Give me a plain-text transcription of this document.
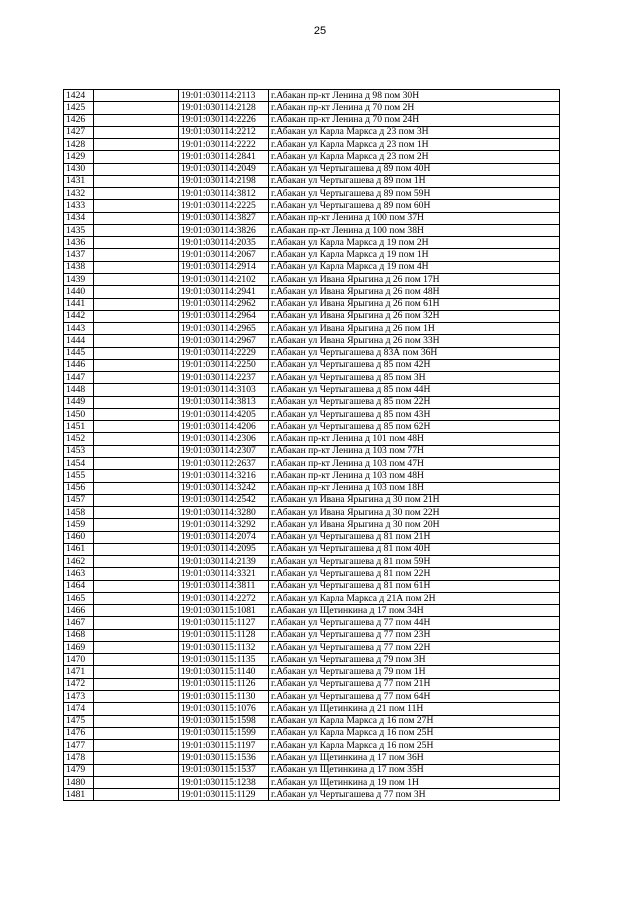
25
1424		19:01:030114:2113	г.Абакан пр-кт Ленина д 98 пом 30Н
1425		19:01:030114:2128	г.Абакан пр-кт Ленина д 70 пом 2Н
1426		19:01:030114:2226	г.Абакан пр-кт Ленина д 70 пом 24Н
1427		19:01:030114:2212	г.Абакан ул Карла Маркса д 23 пом 3Н
1428		19:01:030114:2222	г.Абакан ул Карла Маркса д 23 пом 1Н
1429		19:01:030114:2841	г.Абакан ул Карла Маркса д 23 пом 2Н
1430		19:01:030114:2049	г.Абакан ул Чертыгашева д 89 пом 40Н
1431		19:01:030114:2198	г.Абакан ул Чертыгашева д 89 пом 1Н
1432		19:01:030114:3812	г.Абакан ул Чертыгашева д 89 пом 59Н
1433		19:01:030114:2225	г.Абакан ул Чертыгашева д 89 пом 60Н
1434		19:01:030114:3827	г.Абакан пр-кт Ленина д 100 пом 37Н
1435		19:01:030114:3826	г.Абакан пр-кт Ленина д 100 пом 38Н
1436		19:01:030114:2035	г.Абакан ул Карла Маркса д 19 пом 2Н
1437		19:01:030114:2067	г.Абакан ул Карла Маркса д 19 пом 1Н
1438		19:01:030114:2914	г.Абакан ул Карла Маркса д 19 пом 4Н
1439		19:01:030114:2102	г.Абакан ул Ивана Ярыгина д 26 пом 17Н
1440		19:01:030114:2941	г.Абакан ул Ивана Ярыгина д 26 пом 48Н
1441		19:01:030114:2962	г.Абакан ул Ивана Ярыгина д 26 пом 61Н
1442		19:01:030114:2964	г.Абакан ул Ивана Ярыгина д 26 пом 32Н
1443		19:01:030114:2965	г.Абакан ул Ивана Ярыгина д 26 пом 1Н
1444		19:01:030114:2967	г.Абакан ул Ивана Ярыгина д 26 пом 33Н
1445		19:01:030114:2229	г.Абакан ул Чертыгашева д 83А пом 36Н
1446		19:01:030114:2250	г.Абакан ул Чертыгашева д 85 пом 42Н
1447		19:01:030114:2237	г.Абакан ул Чертыгашева д 85 пом 3Н
1448		19:01:030114:3103	г.Абакан ул Чертыгашева д 85 пом 44Н
1449		19:01:030114:3813	г.Абакан ул Чертыгашева д 85 пом 22Н
1450		19:01:030114:4205	г.Абакан ул Чертыгашева д 85 пом 43Н
1451		19:01:030114:4206	г.Абакан ул Чертыгашева д 85 пом 62Н
1452		19:01:030114:2306	г.Абакан пр-кт Ленина д 101 пом 48Н
1453		19:01:030114:2307	г.Абакан пр-кт Ленина д 103 пом 77Н
1454		19:01:030112:2637	г.Абакан пр-кт Ленина д 103 пом 47Н
1455		19:01:030114:3216	г.Абакан пр-кт Ленина д 103 пом 48Н
1456		19:01:030114:3242	г.Абакан пр-кт Ленина д 103 пом 18Н
1457		19:01:030114:2542	г.Абакан ул Ивана Ярыгина д 30 пом 21Н
1458		19:01:030114:3280	г.Абакан ул Ивана Ярыгина д 30 пом 22Н
1459		19:01:030114:3292	г.Абакан ул Ивана Ярыгина д 30 пом 20Н
1460		19:01:030114:2074	г.Абакан ул Чертыгашева д 81 пом 21Н
1461		19:01:030114:2095	г.Абакан ул Чертыгашева д 81 пом 40Н
1462		19:01:030114:2139	г.Абакан ул Чертыгашева д 81 пом 59Н
1463		19:01:030114:3321	г.Абакан ул Чертыгашева д 81 пом 22Н
1464		19:01:030114:3811	г.Абакан ул Чертыгашева д 81 пом 61Н
1465		19:01:030114:2272	г.Абакан ул Карла Маркса д 21А пом 2Н
1466		19:01:030115:1081	г.Абакан ул Щетинкина д 17 пом 34Н
1467		19:01:030115:1127	г.Абакан ул Чертыгашева д 77 пом 44Н
1468		19:01:030115:1128	г.Абакан ул Чертыгашева д 77 пом 23Н
1469		19:01:030115:1132	г.Абакан ул Чертыгашева д 77 пом 22Н
1470		19:01:030115:1135	г.Абакан ул Чертыгашева д 79 пом 3Н
1471		19:01:030115:1140	г.Абакан ул Чертыгашева д 79 пом 1Н
1472		19:01:030115:1126	г.Абакан ул Чертыгашева д 77 пом 21Н
1473		19:01:030115:1130	г.Абакан ул Чертыгашева д 77 пом 64Н
1474		19:01:030115:1076	г.Абакан ул Щетинкина д 21 пом 11Н
1475		19:01:030115:1598	г.Абакан ул Карла Маркса д 16 пом 27Н
1476		19:01:030115:1599	г.Абакан ул Карла Маркса д 16 пом 25Н
1477		19:01:030115:1197	г.Абакан ул Карла Маркса д 16 пом 25Н
1478		19:01:030115:1536	г.Абакан ул Щетинкина д 17 пом 36Н
1479		19:01:030115:1537	г.Абакан ул Щетинкина д 17 пом 35Н
1480		19:01:030115:1238	г.Абакан ул Щетинкина д 19 пом 1Н
1481		19:01:030115:1129	г.Абакан ул Чертыгашева д 77 пом 3Н
